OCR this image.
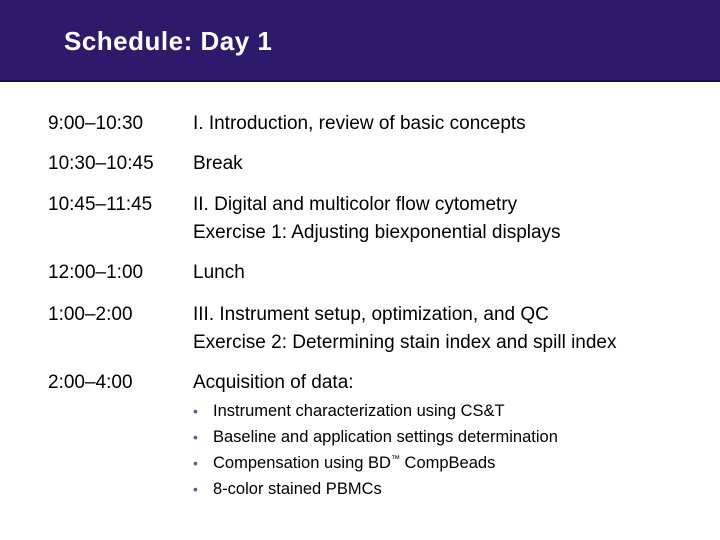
Schedule: Day 1
9:00–10:30	I. Introduction, review of basic concepts
10:30–10:45 Break
10:45–11:45 II. Digital and multicolor flow cytometry
Exercise 1: Adjusting biexponential displays
12:00–1:00	Lunch
1:00–2:00	III. Instrument setup, optimization, and QC
Exercise 2: Determining stain index and spill index
2:00–4:00	Acquisition of data:
• Instrument characterization using CS&T
• Baseline and application settings determination
• Compensation using BD™ CompBeads
• 8-color stained PBMCs
